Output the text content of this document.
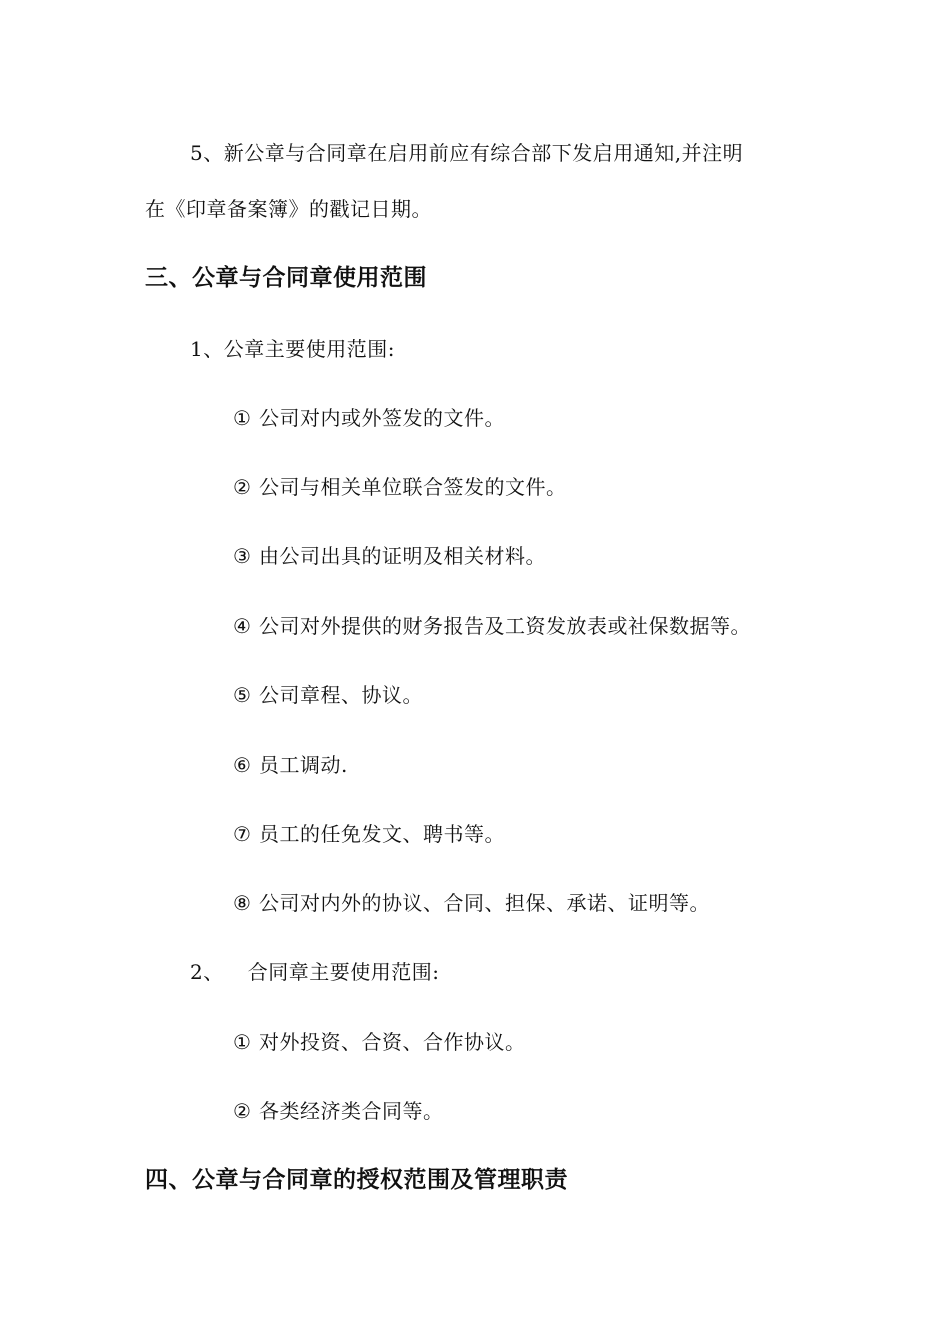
5、新公章与合同章在启用前应有综合部下发启用通知,并注明
在《印章备案簿》的戳记日期。
三、公章与合同章使用范围
1、公章主要使用范围:
① 公司对内或外签发的文件。
② 公司与相关单位联合签发的文件。
③ 由公司出具的证明及相关材料。
④ 公司对外提供的财务报告及工资发放表或社保数据等。
⑤ 公司章程、协议。
⑥ 员工调动.
⑦ 员工的任免发文、聘书等。
⑧ 公司对内外的协议、合同、担保、承诺、证明等。
2、 合同章主要使用范围:
① 对外投资、合资、合作协议。
② 各类经济类合同等。
四、公章与合同章的授权范围及管理职责
